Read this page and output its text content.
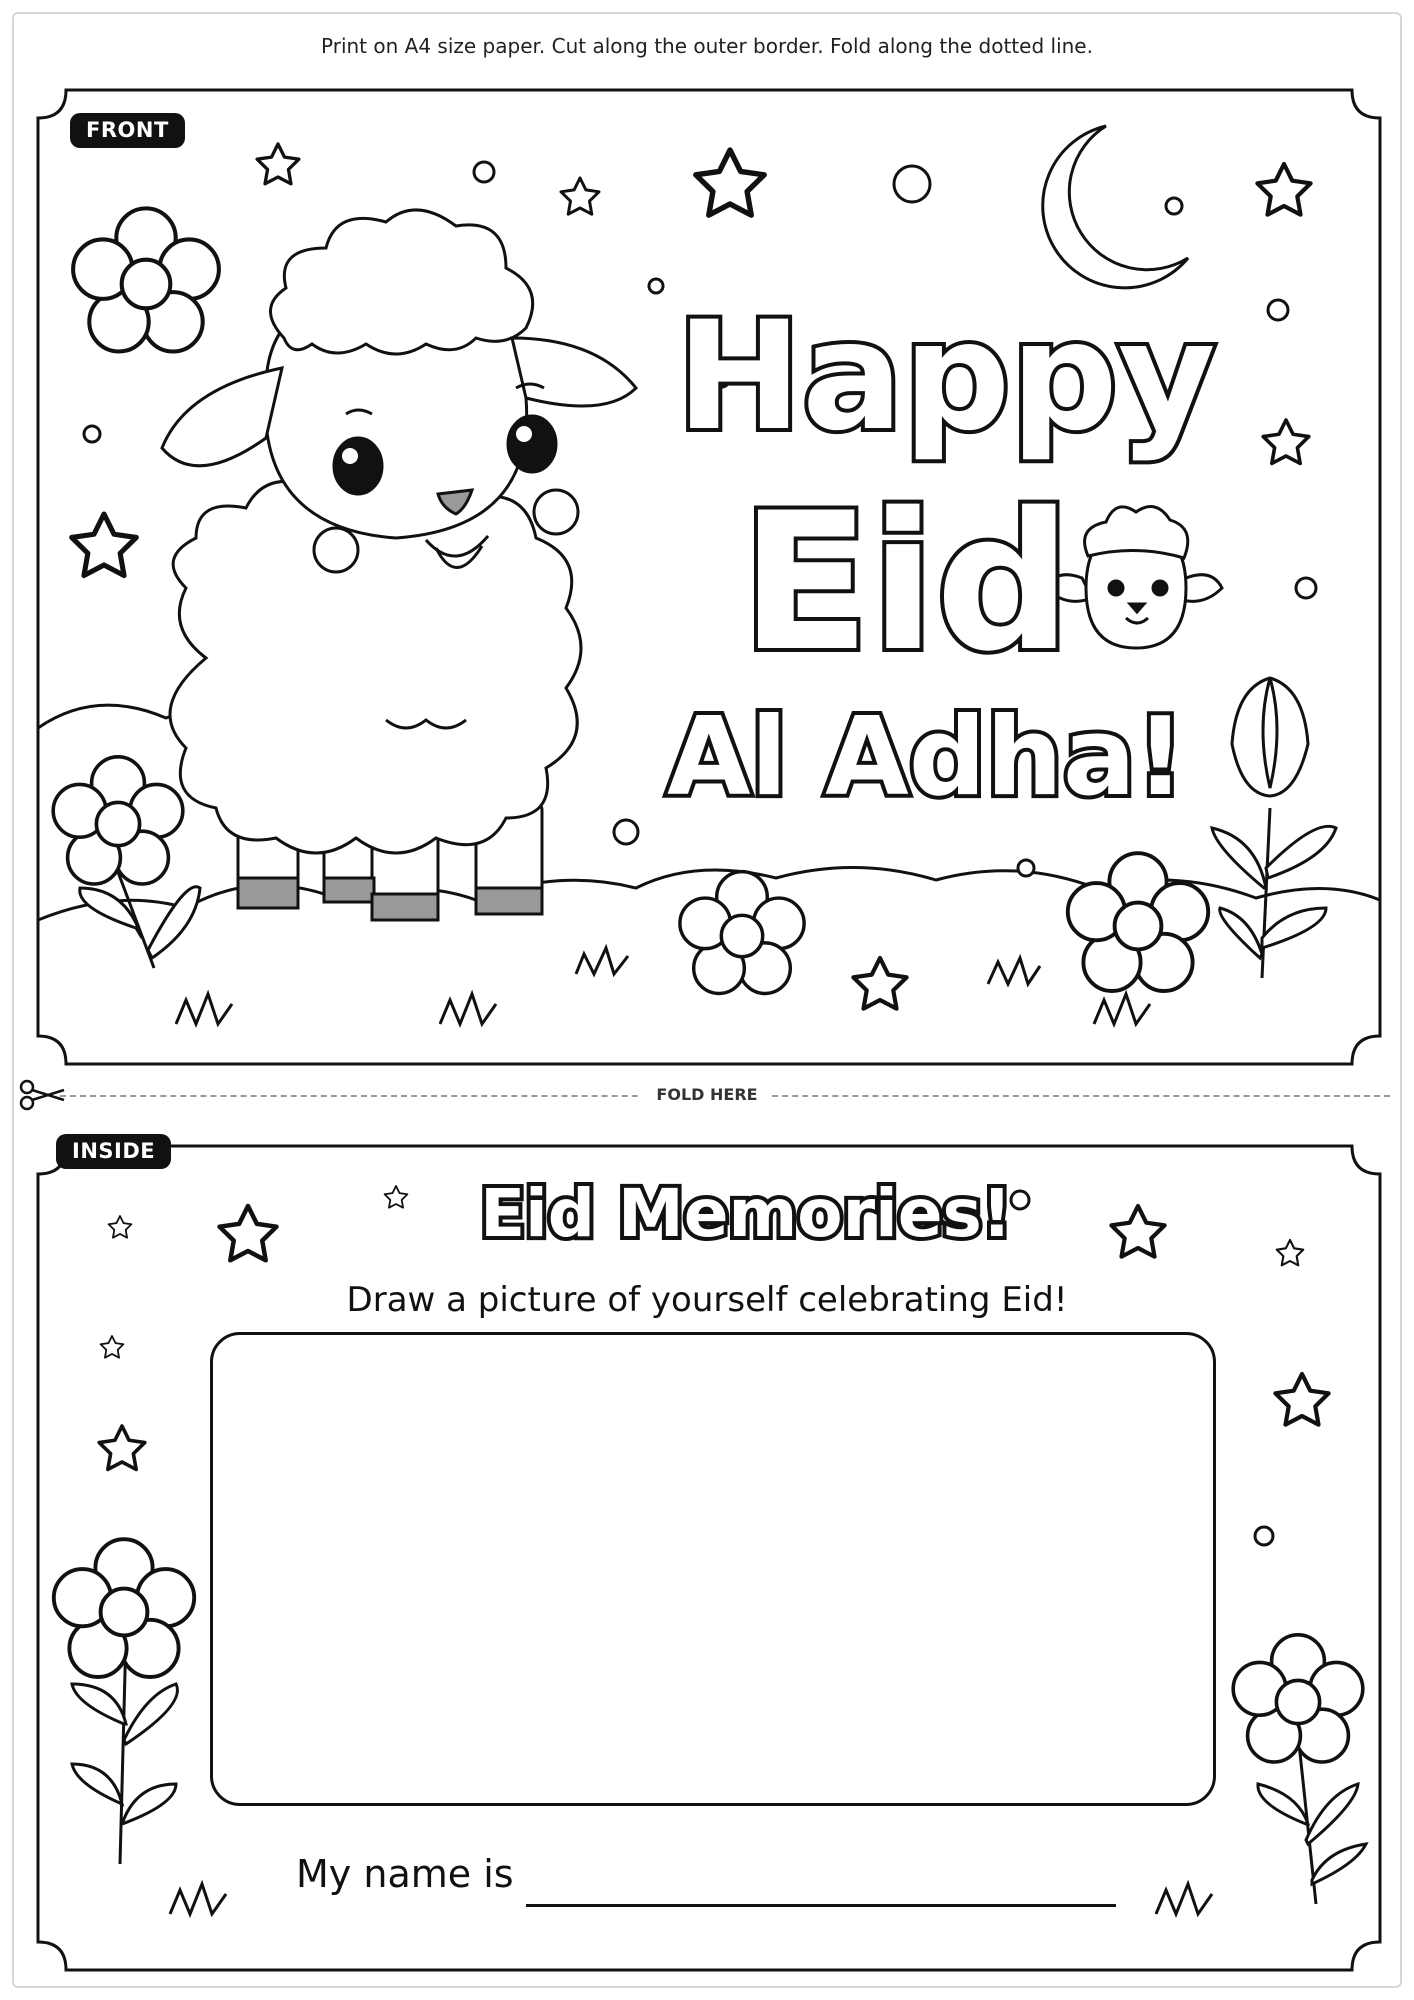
Print on A4 size paper. Cut along the outer border. Fold along the dotted line.
Happy
Eid
Al Adha!
FRONT
FOLD HERE
Eid Memories!
INSIDE
Draw a picture of yourself celebrating Eid!
My name is
